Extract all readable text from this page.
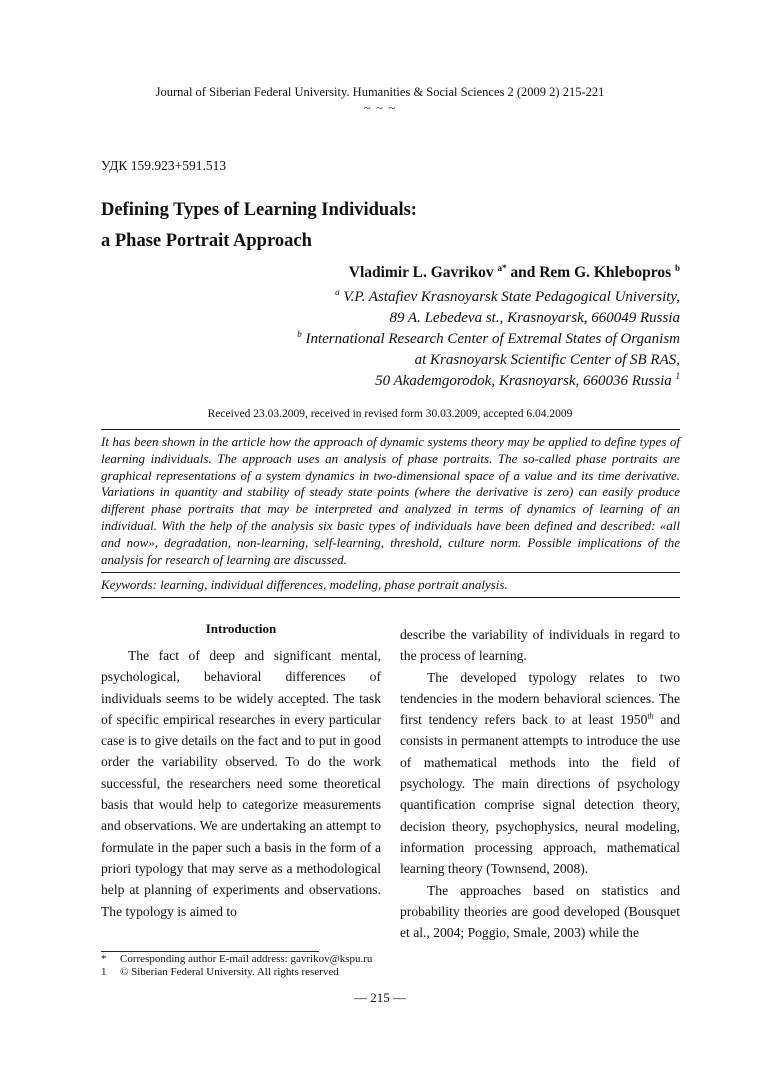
Journal of Siberian Federal University. Humanities & Social Sciences 2 (2009 2) 215-221
~ ~ ~
УДК 159.923+591.513
Defining Types of Learning Individuals:
a Phase Portrait Approach
Vladimir L. Gavrikov $^{a*}$ and Rem G. Khlebopros $^b$
$^a$ V.P. Astafiev Krasnoyarsk State Pedagogical University,
89 A. Lebedeva st., Krasnoyarsk, 660049 Russia
$^b$ International Research Center of Extremal States of Organism
at Krasnoyarsk Scientific Center of SB RAS,
50 Akademgorodok, Krasnoyarsk, 660036 Russia $^1$
Received 23.03.2009, received in revised form 30.03.2009, accepted 6.04.2009
It has been shown in the article how the approach of dynamic systems theory may be applied to define types of learning individuals. The approach uses an analysis of phase portraits. The so-called phase portraits are graphical representations of a system dynamics in two-dimensional space of a value and its time derivative. Variations in quantity and stability of steady state points (where the derivative is zero) can easily produce different phase portraits that may be interpreted and analyzed in terms of dynamics of learning of an individual. With the help of the analysis six basic types of individuals have been defined and described: «all and now», degradation, non-learning, self-learning, threshold, culture norm. Possible implications of the analysis for research of learning are discussed.
Keywords: learning, individual differences, modeling, phase portrait analysis.
Introduction

The fact of deep and significant mental, psychological, behavioral differences of individuals seems to be widely accepted. The task of specific empirical researches in every particular case is to give details on the fact and to put in good order the variability observed. To do the work successful, the researchers need some theoretical basis that would help to categorize measurements and observations. We are undertaking an attempt to formulate in the paper such a basis in the form of a priori typology that may serve as a methodological help at planning of experiments and observations. The typology is aimed to

describe the variability of individuals in regard to the process of learning.

The developed typology relates to two tendencies in the modern behavioral sciences. The first tendency refers back to at least 1950th and consists in permanent attempts to introduce the use of mathematical methods into the field of psychology. The main directions of psychology quantification comprise signal detection theory, decision theory, psychophysics, neural modeling, information processing approach, mathematical learning theory (Townsend, 2008).

The approaches based on statistics and probability theories are good developed (Bousquet et al., 2004; Poggio, Smale, 2003) while the

* Corresponding author E-mail address: gavrikov@kspu.ru
1 © Siberian Federal University. All rights reserved
— 215 —
